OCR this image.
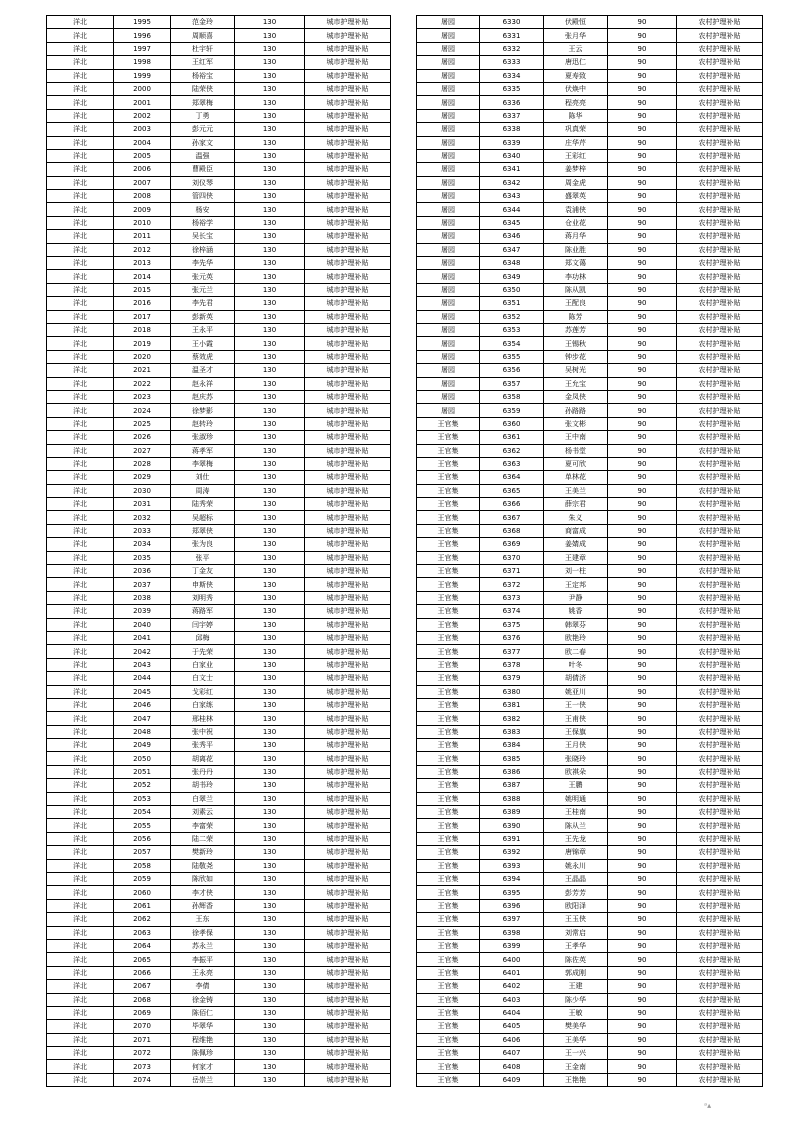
洋北	1995	范金玲	130	城市护理补贴
洋北	1996	周顺喜	130	城市护理补贴
洋北	1997	杜宇轩	130	城市护理补贴
洋北	1998	王红军	130	城市护理补贴
洋北	1999	杨裕宝	130	城市护理补贴
洋北	2000	陆荣侠	130	城市护理补贴
洋北	2001	郑翠梅	130	城市护理补贴
洋北	2002	丁勇	130	城市护理补贴
洋北	2003	彭元元	130	城市护理补贴
洋北	2004	孙家文	130	城市护理补贴
洋北	2005	温强	130	城市护理补贴
洋北	2006	曹殿臣	130	城市护理补贴
洋北	2007	刘仪琴	130	城市护理补贴
洋北	2008	管四侠	130	城市护理补贴
洋北	2009	杨安	130	城市护理补贴
洋北	2010	杨裕学	130	城市护理补贴
洋北	2011	吴长宝	130	城市护理补贴
洋北	2012	徐梓涵	130	城市护理补贴
洋北	2013	李先华	130	城市护理补贴
洋北	2014	张元英	130	城市护理补贴
洋北	2015	张元兰	130	城市护理补贴
洋北	2016	李先君	130	城市护理补贴
洋北	2017	彭新英	130	城市护理补贴
洋北	2018	王永平	130	城市护理补贴
洋北	2019	王小霞	130	城市护理补贴
洋北	2020	蔡效虎	130	城市护理补贴
洋北	2021	温圣才	130	城市护理补贴
洋北	2022	赵永祥	130	城市护理补贴
洋北	2023	赵庆苏	130	城市护理补贴
洋北	2024	徐梦影	130	城市护理补贴
洋北	2025	赵转玲	130	城市护理补贴
洋北	2026	张淑珍	130	城市护理补贴
洋北	2027	蒋孝军	130	城市护理补贴
洋北	2028	李翠梅	130	城市护理补贴
洋北	2029	刘仕	130	城市护理补贴
洋北	2030	周涛	130	城市护理补贴
洋北	2031	陆秀荣	130	城市护理补贴
洋北	2032	吴超标	130	城市护理补贴
洋北	2033	郑翠侠	130	城市护理补贴
洋北	2034	张为良	130	城市护理补贴
洋北	2035	张平	130	城市护理补贴
洋北	2036	丁金友	130	城市护理补贴
洋北	2037	申斯侠	130	城市护理补贴
洋北	2038	刘明秀	130	城市护理补贴
洋北	2039	蒋路军	130	城市护理补贴
洋北	2040	闫宇婷	130	城市护理补贴
洋北	2041	邱梅	130	城市护理补贴
洋北	2042	于先荣	130	城市护理补贴
洋北	2043	白家业	130	城市护理补贴
洋北	2044	白文士	130	城市护理补贴
洋北	2045	戈彩红	130	城市护理补贴
洋北	2046	白家练	130	城市护理补贴
洋北	2047	邢桂林	130	城市护理补贴
洋北	2048	张中祝	130	城市护理补贴
洋北	2049	张秀平	130	城市护理补贴
洋北	2050	胡离花	130	城市护理补贴
洋北	2051	张丹丹	130	城市护理补贴
洋北	2052	胡书玲	130	城市护理补贴
洋北	2053	白翠兰	130	城市护理补贴
洋北	2054	刘素云	130	城市护理补贴
洋北	2055	李富荣	130	城市护理补贴
洋北	2056	陆二荣	130	城市护理补贴
洋北	2057	樊新玲	130	城市护理补贴
洋北	2058	陆敬尧	130	城市护理补贴
洋北	2059	陈欣如	130	城市护理补贴
洋北	2060	李才侠	130	城市护理补贴
洋北	2061	孙辉香	130	城市护理补贴
洋北	2062	王东	130	城市护理补贴
洋北	2063	徐孝保	130	城市护理补贴
洋北	2064	苏永兰	130	城市护理补贴
洋北	2065	李振平	130	城市护理补贴
洋北	2066	王永亮	130	城市护理补贴
洋北	2067	李倩	130	城市护理补贴
洋北	2068	徐金铸	130	城市护理补贴
洋北	2069	陈佰仁	130	城市护理补贴
洋北	2070	毕翠华	130	城市护理补贴
洋北	2071	程维艳	130	城市护理补贴
洋北	2072	陈佩珍	130	城市护理补贴
洋北	2073	何家才	130	城市护理补贴
洋北	2074	岳崇兰	130	城市护理补贴
屠园	6330	伏殿恒	90	农村护理补贴
屠园	6331	张月华	90	农村护理补贴
屠园	6332	王云	90	农村护理补贴
屠园	6333	唐迅仁	90	农村护理补贴
屠园	6334	夏寿致	90	农村护理补贴
屠园	6335	伏焕中	90	农村护理补贴
屠园	6336	程亮亮	90	农村护理补贴
屠园	6337	陈华	90	农村护理补贴
屠园	6338	巩真荣	90	农村护理补贴
屠园	6339	庄华芹	90	农村护理补贴
屠园	6340	王彩红	90	农村护理补贴
屠园	6341	姜梦梓	90	农村护理补贴
屠园	6342	周金虎	90	农村护理补贴
屠园	6343	盛翠英	90	农村护理补贴
屠园	6344	袁浦侠	90	农村护理补贴
屠园	6345	仓业花	90	农村护理补贴
屠园	6346	蒋月华	90	农村护理补贴
屠园	6347	陈业胜	90	农村护理补贴
屠园	6348	郑文蔼	90	农村护理补贴
屠园	6349	李功林	90	农村护理补贴
屠园	6350	陈从凯	90	农村护理补贴
屠园	6351	王配良	90	农村护理补贴
屠园	6352	陈芳	90	农村护理补贴
屠园	6353	苏莲芳	90	农村护理补贴
屠园	6354	王锡秋	90	农村护理补贴
屠园	6355	钟步花	90	农村护理补贴
屠园	6356	吴树光	90	农村护理补贴
屠园	6357	王允宝	90	农村护理补贴
屠园	6358	金凤侠	90	农村护理补贴
屠园	6359	孙路路	90	农村护理补贴
王官集	6360	张文彬	90	农村护理补贴
王官集	6361	王中南	90	农村护理补贴
王官集	6362	杨书堂	90	农村护理补贴
王官集	6363	夏可欣	90	农村护理补贴
王官集	6364	单林花	90	农村护理补贴
王官集	6365	王美兰	90	农村护理补贴
王官集	6366	薛宗君	90	农村护理补贴
王官集	6367	朱义	90	农村护理补贴
王官集	6368	商富成	90	农村护理补贴
王官集	6369	姜婧成	90	农村护理补贴
王官集	6370	王建章	90	农村护理补贴
王官集	6371	刘一柱	90	农村护理补贴
王官集	6372	王定邦	90	农村护理补贴
王官集	6373	尹静	90	农村护理补贴
王官集	6374	姚香	90	农村护理补贴
王官集	6375	韩翠芬	90	农村护理补贴
王官集	6376	欧艳玲	90	农村护理补贴
王官集	6377	欧二春	90	农村护理补贴
王官集	6378	叶冬	90	农村护理补贴
王官集	6379	胡倩济	90	农村护理补贴
王官集	6380	姚亚川	90	农村护理补贴
王官集	6381	王一侠	90	农村护理补贴
王官集	6382	王甫侠	90	农村护理补贴
王官集	6383	王保旗	90	农村护理补贴
王官集	6384	王月侠	90	农村护理补贴
王官集	6385	张晓玲	90	农村护理补贴
王官集	6386	欧祺朵	90	农村护理补贴
王官集	6387	王鹏	90	农村护理补贴
王官集	6388	姚明通	90	农村护理补贴
王官集	6389	王桂南	90	农村护理补贴
王官集	6390	陈从兰	90	农村护理补贴
王官集	6391	王先龙	90	农村护理补贴
王官集	6392	唐锦章	90	农村护理补贴
王官集	6393	姚永川	90	农村护理补贴
王官集	6394	王晶晶	90	农村护理补贴
王官集	6395	彭芳芳	90	农村护理补贴
王官集	6396	欧阳泽	90	农村护理补贴
王官集	6397	王玉侠	90	农村护理补贴
王官集	6398	刘常启	90	农村护理补贴
王官集	6399	王孝华	90	农村护理补贴
王官集	6400	陈佐英	90	农村护理补贴
王官集	6401	郭成刚	90	农村护理补贴
王官集	6402	王建	90	农村护理补贴
王官集	6403	陈少华	90	农村护理补贴
王官集	6404	王敏	90	农村护理补贴
王官集	6405	樊美华	90	农村护理补贴
王官集	6406	王美华	90	农村护理补贴
王官集	6407	王一兴	90	农村护理补贴
王官集	6408	王金南	90	农村护理补贴
王官集	6409	王艳艳	90	农村护理补贴
ᵃ▴
